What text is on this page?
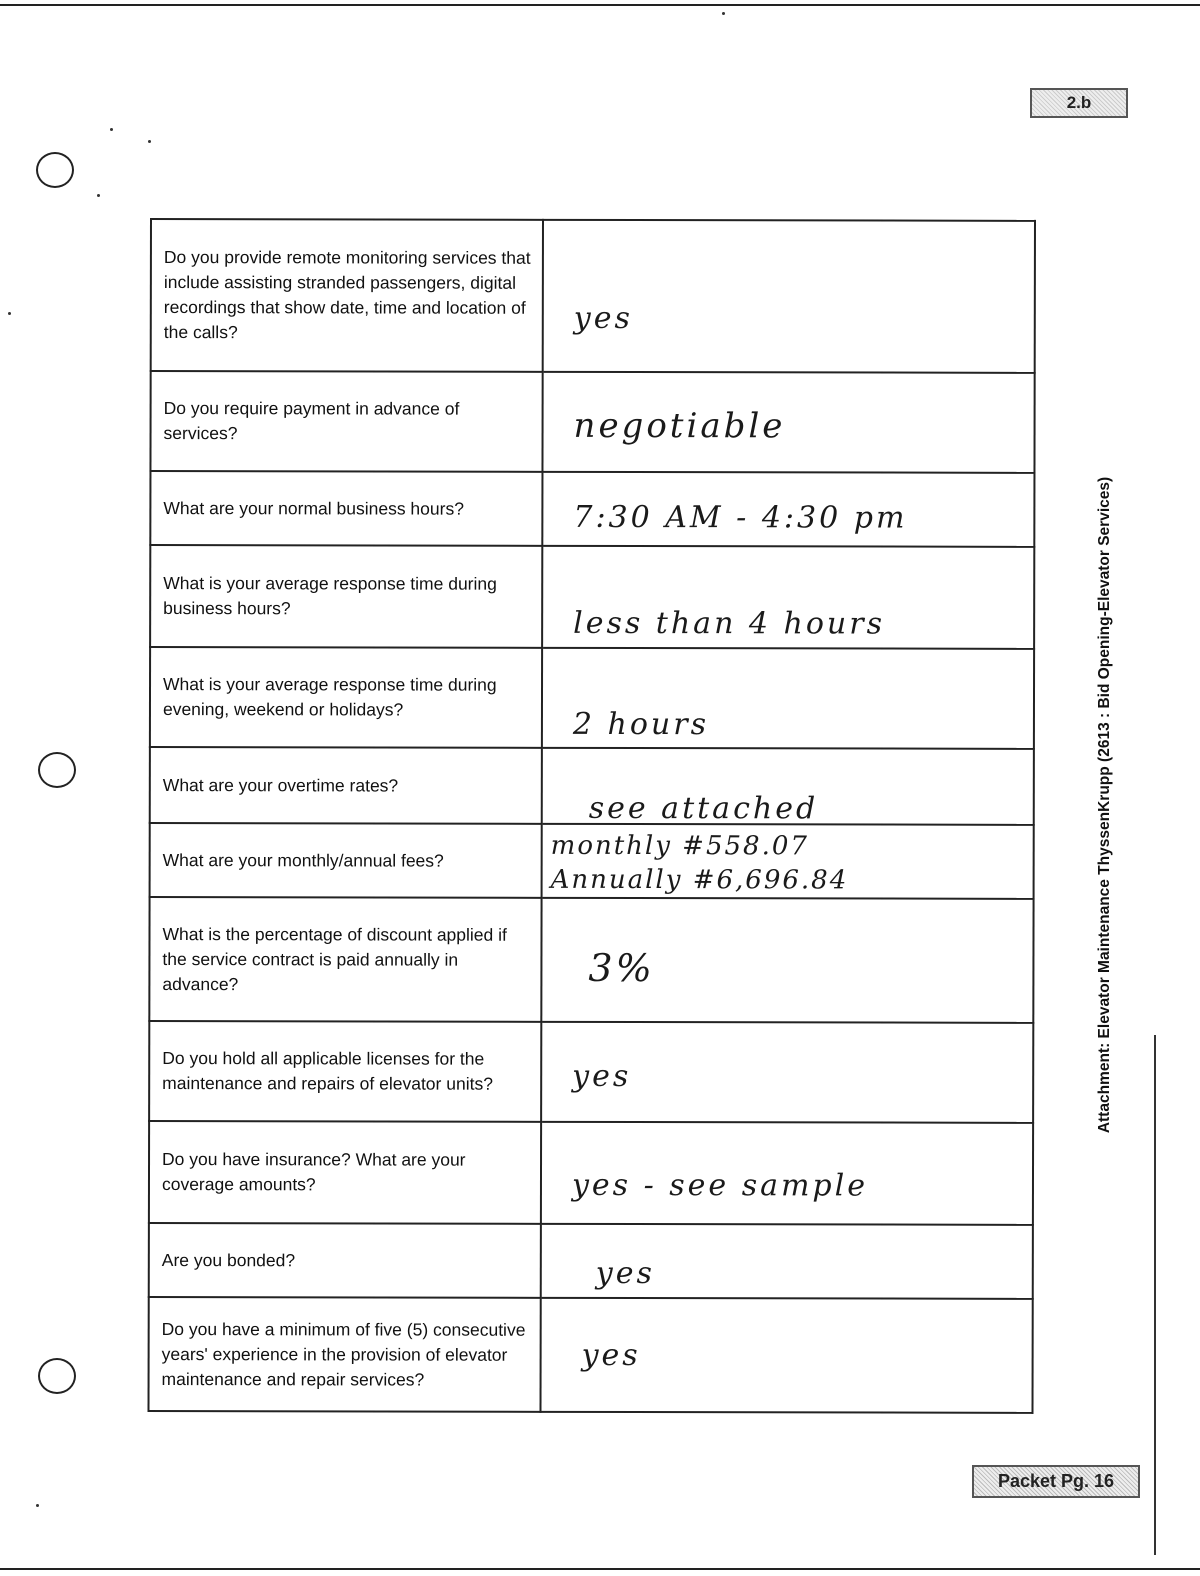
2.b
Do you provide remote monitoring services that include assisting stranded passengers, digital recordings that show date, time and location of the calls?	yes

Do you require payment in advance of services?	negotiable

What are your normal business hours?	7:30 AM - 4:30 pm

What is your average response time during business hours?	less than 4 hours

What is your average response time during evening, weekend or holidays?	2 hours

What are your overtime rates?	see attached

What are your monthly/annual fees?	monthly #558.07
Annually #6,696.84

What is the percentage of discount applied if the service contract is paid annually in advance?	3%

Do you hold all applicable licenses for the maintenance and repairs of elevator units?	yes

Do you have insurance? What are your coverage amounts?	yes - see sample

Are you bonded?	yes

Do you have a minimum of five (5) consecutive years' experience in the provision of elevator maintenance and repair services?	yes
Attachment: Elevator Maintenance ThyssenKrupp (2613 : Bid Opening-Elevator Services)
Packet Pg. 16
